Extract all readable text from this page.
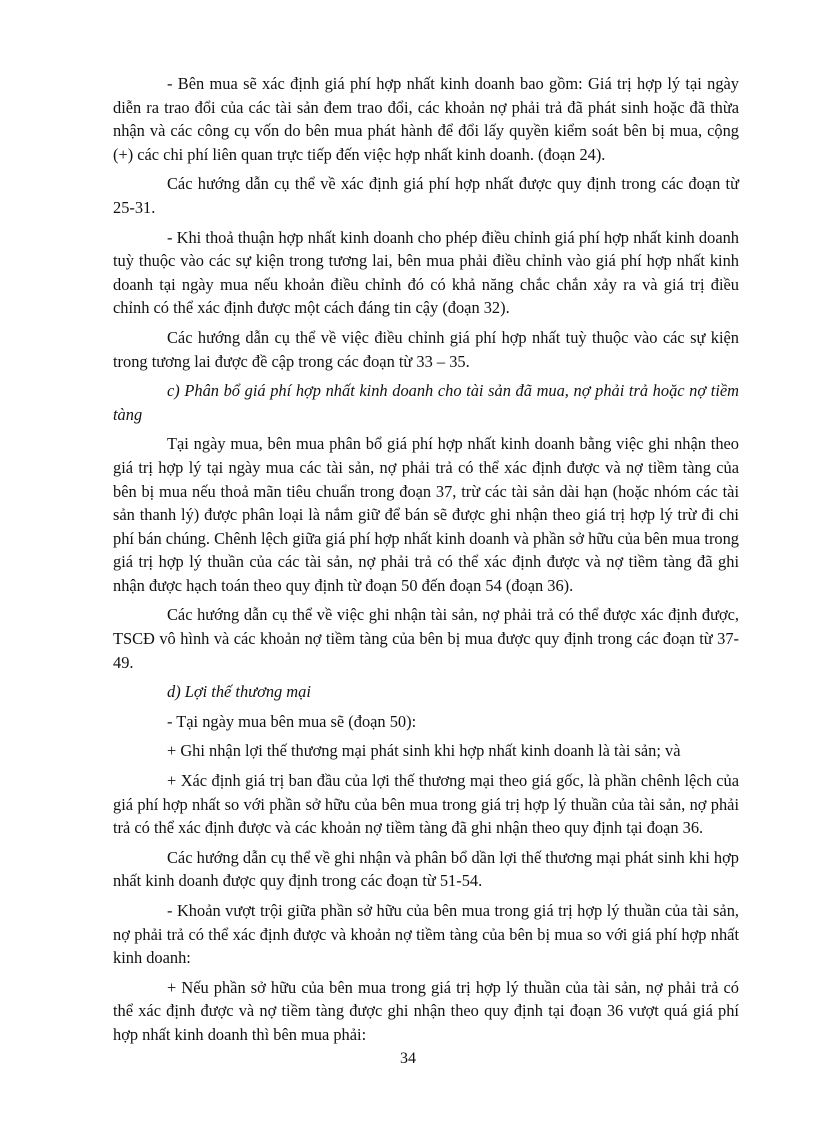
- Bên mua sẽ xác định giá phí hợp nhất kinh doanh bao gồm: Giá trị hợp lý tại ngày diễn ra trao đổi của các tài sản đem trao đổi, các khoản nợ phải trả đã phát sinh hoặc đã thừa nhận và các công cụ vốn do bên mua phát hành để đổi lấy quyền kiểm soát bên bị mua, cộng (+) các chi phí liên quan trực tiếp đến việc hợp nhất kinh doanh. (đoạn 24).

Các hướng dẫn cụ thể về xác định giá phí hợp nhất được quy định trong các đoạn từ 25-31.

- Khi thoả thuận hợp nhất kinh doanh cho phép điều chỉnh giá phí hợp nhất kinh doanh tuỳ thuộc vào các sự kiện trong tương lai, bên mua phải điều chỉnh vào giá phí hợp nhất kinh doanh tại ngày mua nếu khoản điều chỉnh đó có khả năng chắc chắn xảy ra và giá trị điều chỉnh có thể xác định được một cách đáng tin cậy (đoạn 32).

Các hướng dẫn cụ thể về việc điều chỉnh giá phí hợp nhất tuỳ thuộc vào các sự kiện trong tương lai được đề cập trong các đoạn từ 33 – 35.

c) Phân bổ giá phí hợp nhất kinh doanh cho tài sản đã mua, nợ phải trả hoặc nợ tiềm tàng

Tại ngày mua, bên mua phân bổ giá phí hợp nhất kinh doanh bằng việc ghi nhận theo giá trị hợp lý tại ngày mua các tài sản, nợ phải trả có thể xác định được và nợ tiềm tàng của bên bị mua nếu thoả mãn tiêu chuẩn trong đoạn 37, trừ các tài sản dài hạn (hoặc nhóm các tài sản thanh lý) được phân loại là nắm giữ để bán sẽ được ghi nhận theo giá trị hợp lý trừ đi chi phí bán chúng. Chênh lệch giữa giá phí hợp nhất kinh doanh và phần sở hữu của bên mua trong giá trị hợp lý thuần của các tài sản, nợ phải trả có thể xác định được và nợ tiềm tàng đã ghi nhận được hạch toán theo quy định từ đoạn 50 đến đoạn 54 (đoạn 36).

Các hướng dẫn cụ thể về việc ghi nhận tài sản, nợ phải trả có thể được xác định được, TSCĐ vô hình và các khoản nợ tiềm tàng của bên bị mua được quy định trong các đoạn từ 37-49.

d) Lợi thế thương mại

- Tại ngày mua bên mua sẽ (đoạn 50):

+ Ghi nhận lợi thế thương mại phát sinh khi hợp nhất kinh doanh là tài sản; và

+ Xác định giá trị ban đầu của lợi thế thương mại theo giá gốc, là phần chênh lệch của giá phí hợp nhất so với phần sở hữu của bên mua trong giá trị hợp lý thuần của tài sản, nợ phải trả có thể xác định được và các khoản nợ tiềm tàng đã ghi nhận theo quy định tại đoạn 36.

Các hướng dẫn cụ thể về ghi nhận và phân bổ dần lợi thế thương mại phát sinh khi hợp nhất kinh doanh được quy định trong các đoạn từ 51-54.

- Khoản vượt trội giữa phần sở hữu của bên mua trong giá trị hợp lý thuần của tài sản, nợ phải trả có thể xác định được và khoản nợ tiềm tàng của bên bị mua so với giá phí hợp nhất kinh doanh:

+ Nếu phần sở hữu của bên mua trong giá trị hợp lý thuần của tài sản, nợ phải trả có thể xác định được và nợ tiềm tàng được ghi nhận theo quy định tại đoạn 36 vượt quá giá phí hợp nhất kinh doanh thì bên mua phải:

34
